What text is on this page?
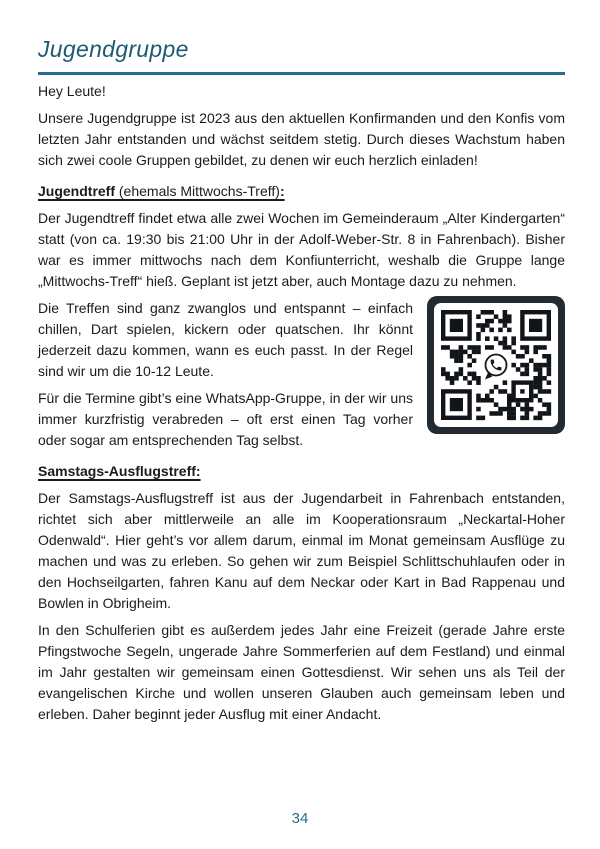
Jugendgruppe

Hey Leute!

Unsere Jugendgruppe ist 2023 aus den aktuellen Konfirmanden und den Konfis vom letzten Jahr entstanden und wächst seitdem stetig. Durch dieses Wachstum haben sich zwei coole Gruppen gebildet, zu denen wir euch herzlich einladen!

Jugendtreff (ehemals Mittwochs-Treff):

Der Jugendtreff findet etwa alle zwei Wochen im Gemeinderaum „Alter Kindergarten“ statt (von ca. 19:30 bis 21:00 Uhr in der Adolf-Weber-Str. 8 in Fahrenbach). Bisher war es immer mittwochs nach dem Konfiunterricht, weshalb die Gruppe lange „Mittwochs-Treff“ hieß. Geplant ist jetzt aber, auch Montage dazu zu nehmen.

Die Treffen sind ganz zwanglos und entspannt – einfach chillen, Dart spielen, kickern oder quatschen. Ihr könnt jederzeit dazu kommen, wann es euch passt. In der Regel sind wir um die 10-12 Leute.

Für die Termine gibt’s eine WhatsApp-Gruppe, in der wir uns immer kurzfristig verabreden – oft erst einen Tag vorher oder sogar am entsprechenden Tag selbst.

Samstags-Ausflugstreff:

Der Samstags-Ausflugstreff ist aus der Jugendarbeit in Fahrenbach entstanden, richtet sich aber mittlerweile an alle im Kooperationsraum „Neckartal-Hoher Odenwald“. Hier geht’s vor allem darum, einmal im Monat gemeinsam Ausflüge zu machen und was zu erleben. So gehen wir zum Beispiel Schlittschuhlaufen oder in den Hochseilgarten, fahren Kanu auf dem Neckar oder Kart in Bad Rappenau und Bowlen in Obrigheim.

In den Schulferien gibt es außerdem jedes Jahr eine Freizeit (gerade Jahre erste Pfingstwoche Segeln, ungerade Jahre Sommerferien auf dem Festland) und einmal im Jahr gestalten wir gemeinsam einen Gottesdienst. Wir sehen uns als Teil der evangelischen Kirche und wollen unseren Glauben auch gemeinsam leben und erleben. Daher beginnt jeder Ausflug mit einer Andacht.

34
